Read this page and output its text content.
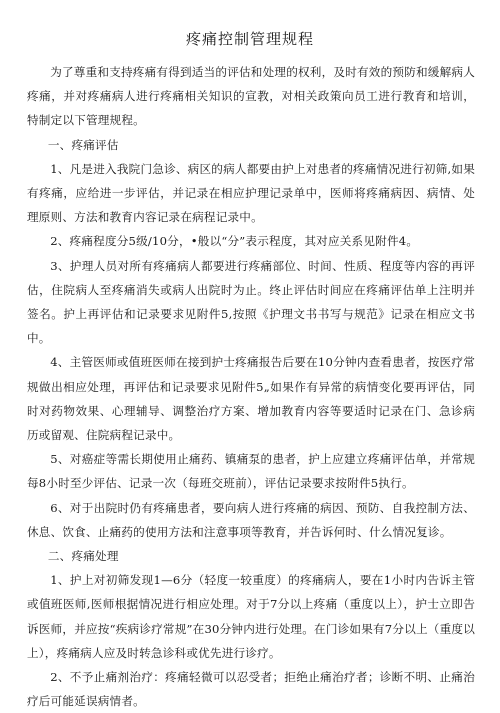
疼痛控制管理规程

为了尊重和支持疼痛有得到适当的评估和处理的权利，及时有效的预防和缓解病人疼痛，并对疼痛病人进行疼痛相关知识的宣教，对相关政策向员工进行教育和培训，特制定以下管理规程。

一、疼痛评估

1、凡是进入我院门急诊、病区的病人都要由护上对患者的疼痛情况进行初筛,如果有疼痛，应给进一步评估，并记录在相应护理记录单中，医师将疼痛病因、病情、处理原则、方法和教育内容记录在病程记录中。

2、疼痛程度分5级/10分，•般以“分”表示程度，其对应关系见附件4。

3、护理人员对所有疼痛病人都要进行疼痛部位、时间、性质、程度等内容的再评估，住院病人至疼痛消失或病人出院时为止。终止评估时间应在疼痛评估单上注明并签名。护上再评估和记录要求见附件5,按照《护理文书书写与规范》记录在相应文书中。

4、主管医师或值班医师在接到护士疼痛报告后要在10分钟内查看患者，按医疗常规做出相应处理，再评估和记录要求见附件5„如果作有异常的病情变化要再评估，同时对药物效果、心理辅导、调整治疗方案、增加教育内容等要适时记录在门、急诊病历或留观、住院病程记录中。

5、对癌症等需长期使用止痛药、镇痛泵的患者，护上应建立疼痛评估单，并常规每8小时至少评估、记录一次（每班交班前），评估记录要求按附件5执行。

6、对于出院时仍有疼痛患者，要向病人进行疼痛的病因、预防、自我控制方法、休息、饮食、止痛药的使用方法和注意事项等教育，并告诉何时、什么情况复诊。

二、疼痛处理

1、护上对初筛发现1—6分（轻度一较重度）的疼痛病人，要在1小时内告诉主管或值班医师,医师根据情况进行相应处理。对于7分以上疼痛（重度以上），护士立即告诉医师，并应按“疾病诊疗常规”在30分钟内进行处理。在门诊如果有7分以上（重度以上），疼痛病人应及时转急诊科或优先进行诊疗。

2、不予止痛剂治疗：疼痛轻微可以忍受者；拒绝止痛治疗者；诊断不明、止痛治疗后可能延误病情者。
